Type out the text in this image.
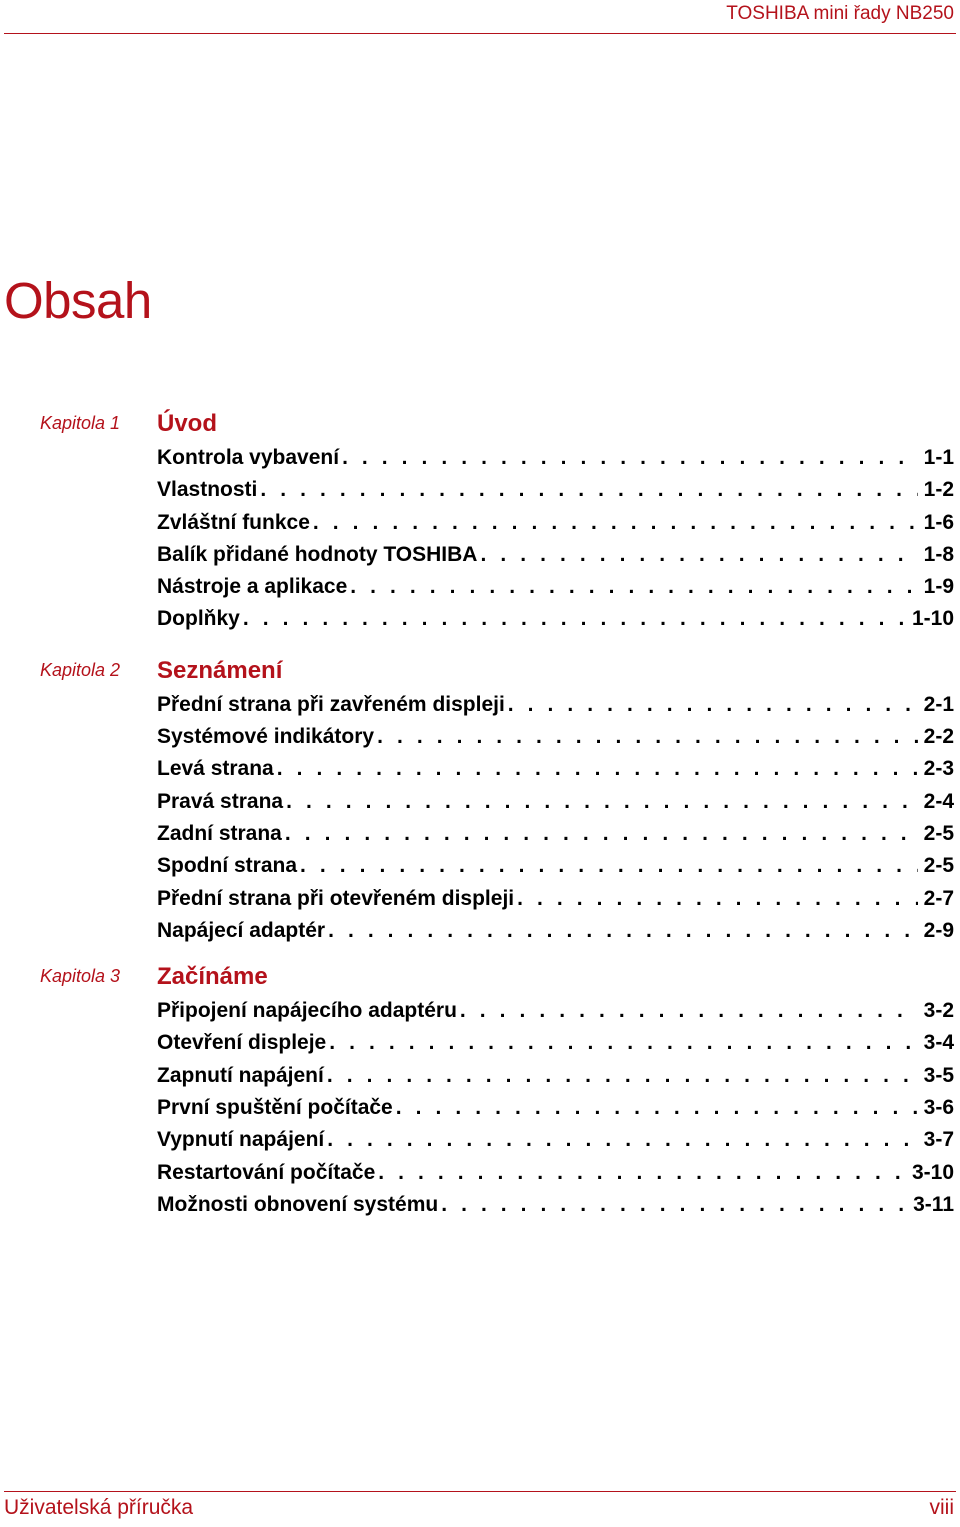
TOSHIBA mini řady NB250
Obsah
Kapitola 1 Úvod
Kontrola vybavení . . .	1-1
Vlastnosti . . .	1-2
Zvláštní funkce . . .	1-6
Balík přidané hodnoty TOSHIBA . . .	1-8
Nástroje a aplikace . . .	1-9
Doplňky . . .	1-10
Kapitola 2 Seznámení
Přední strana při zavřeném displeji . . .	2-1
Systémové indikátory . . .	2-2
Levá strana . . .	2-3
Pravá strana . . .	2-4
Zadní strana . . .	2-5
Spodní strana . . .	2-5
Přední strana při otevřeném displeji . . .	2-7
Napájecí adaptér . . .	2-9
Kapitola 3 Začínáme
Připojení napájecího adaptéru . . .	3-2
Otevření displeje . . .	3-4
Zapnutí napájení . . .	3-5
První spuštění počítače . . .	3-6
Vypnutí napájení . . .	3-7
Restartování počítače . . .	3-10
Možnosti obnovení systému . . .	3-11
Uživatelská příručka	viii
